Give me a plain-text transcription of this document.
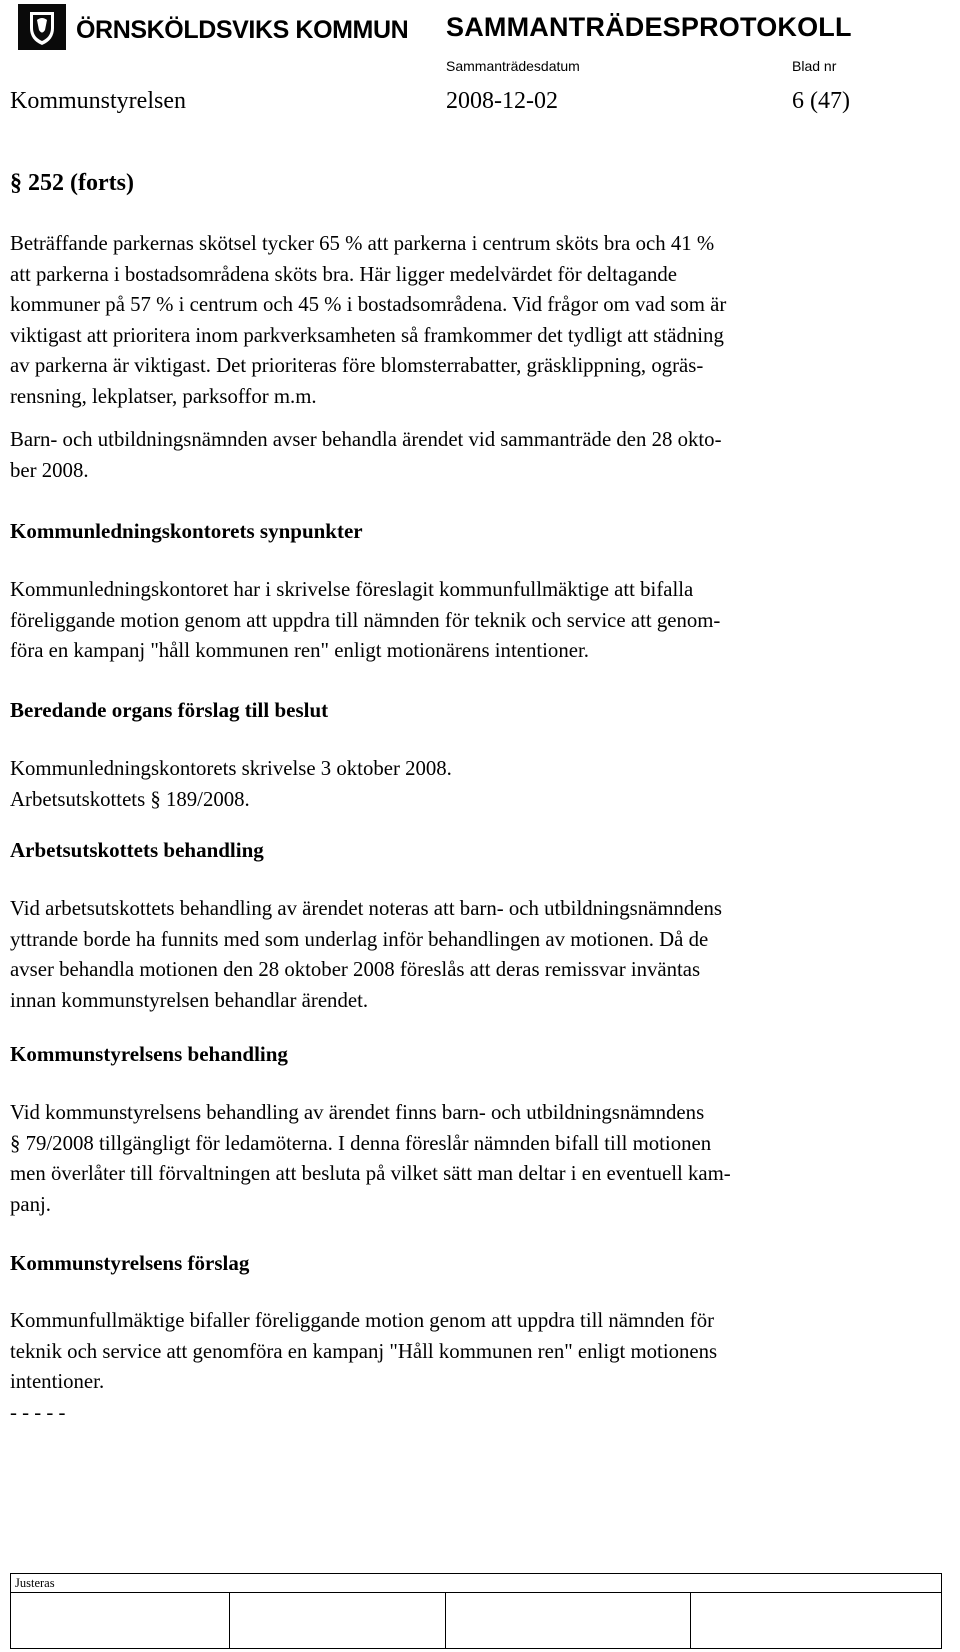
ÖRNSKÖLDSVIKS KOMMUN SAMMANTRÄDESPROTOKOLL
Sammanträdesdatum	Blad nr
Kommunstyrelsen	2008-12-02	6 (47)
§ 252 (forts)
Beträffande parkernas skötsel tycker 65 % att parkerna i centrum sköts bra och 41 %
att parkerna i bostadsområdena sköts bra. Här ligger medelvärdet för deltagande
kommuner på 57 % i centrum och 45 % i bostadsområdena. Vid frågor om vad som är
viktigast att prioritera inom parkverksamheten så framkommer det tydligt att städning
av parkerna är viktigast. Det prioriteras före blomsterrabatter, gräsklippning, ogräs-
rensning, lekplatser, parksoffor m.m.
Barn- och utbildningsnämnden avser behandla ärendet vid sammanträde den 28 okto-
ber 2008.
Kommunledningskontorets synpunkter
Kommunledningskontoret har i skrivelse föreslagit kommunfullmäktige att bifalla
föreliggande motion genom att uppdra till nämnden för teknik och service att genom-
föra en kampanj "håll kommunen ren" enligt motionärens intentioner.
Beredande organs förslag till beslut
Kommunledningskontorets skrivelse 3 oktober 2008.
Arbetsutskottets § 189/2008.
Arbetsutskottets behandling
Vid arbetsutskottets behandling av ärendet noteras att barn- och utbildningsnämndens
yttrande borde ha funnits med som underlag inför behandlingen av motionen. Då de
avser behandla motionen den 28 oktober 2008 föreslås att deras remissvar inväntas
innan kommunstyrelsen behandlar ärendet.
Kommunstyrelsens behandling
Vid kommunstyrelsens behandling av ärendet finns barn- och utbildningsnämndens
§ 79/2008 tillgängligt för ledamöterna. I denna föreslår nämnden bifall till motionen
men överlåter till förvaltningen att besluta på vilket sätt man deltar i en eventuell kam-
panj.
Kommunstyrelsens förslag
Kommunfullmäktige bifaller föreliggande motion genom att uppdra till nämnden för
teknik och service att genomföra en kampanj "Håll kommunen ren" enligt motionens
intentioner.
- - - - -
Justeras
